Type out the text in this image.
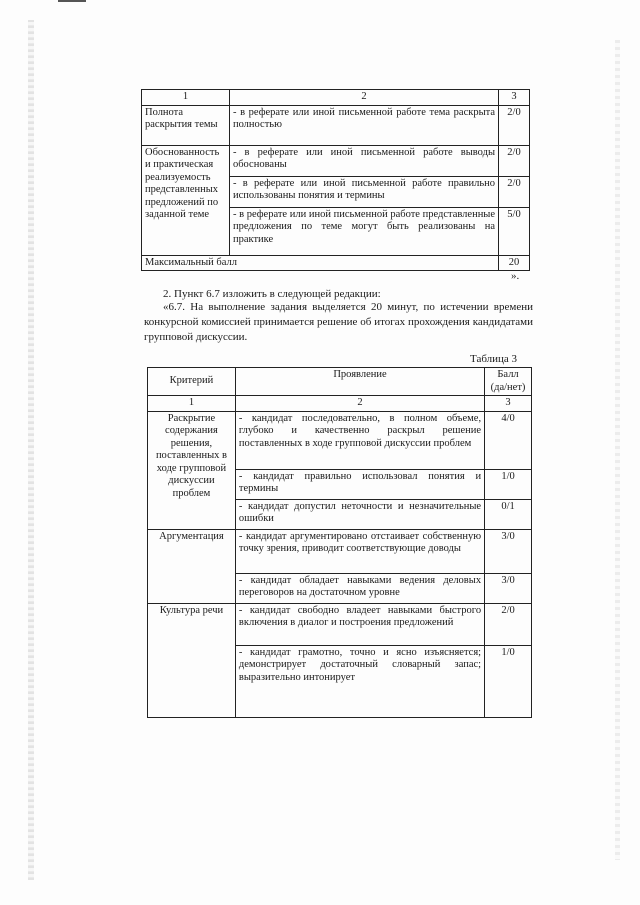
1	2	3
Полнота раскрытия темы	- в реферате или иной письменной работе тема раскрыта полностью	2/0
Обоснованность и практическая реализуемость представленных предложений по заданной теме	- в реферате или иной письменной работе выводы обоснованы	2/0
	- в реферате или иной письменной работе правильно использованы понятия и термины	2/0
	- в реферате или иной письменной работе представленные предложения по теме могут быть реализованы на практике	5/0
Максимальный балл		20
».
2. Пункт 6.7 изложить в следующей редакции:
«6.7. На выполнение задания выделяется 20 минут, по истечении времени конкурсной комиссией принимается решение об итогах прохождения кандидатами групповой дискуссии.
Таблица 3
Критерий	Проявление	Балл (да/нет)
1	2	3
Раскрытие содержания решения, поставленных в ходе групповой дискуссии проблем	- кандидат последовательно, в полном объеме, глубоко и качественно раскрыл решение поставленных в ходе групповой дискуссии проблем	4/0
	- кандидат правильно использовал понятия и термины	1/0
	- кандидат допустил неточности и незначительные ошибки	0/1
Аргументация	- кандидат аргументировано отстаивает собственную точку зрения, приводит соответствующие доводы	3/0
	- кандидат обладает навыками ведения деловых переговоров на достаточном уровне	3/0
Культура речи	- кандидат свободно владеет навыками быстрого включения в диалог и построения предложений	2/0
	- кандидат грамотно, точно и ясно изъясняется; демонстрирует достаточный словарный запас; выразительно интонирует	1/0
